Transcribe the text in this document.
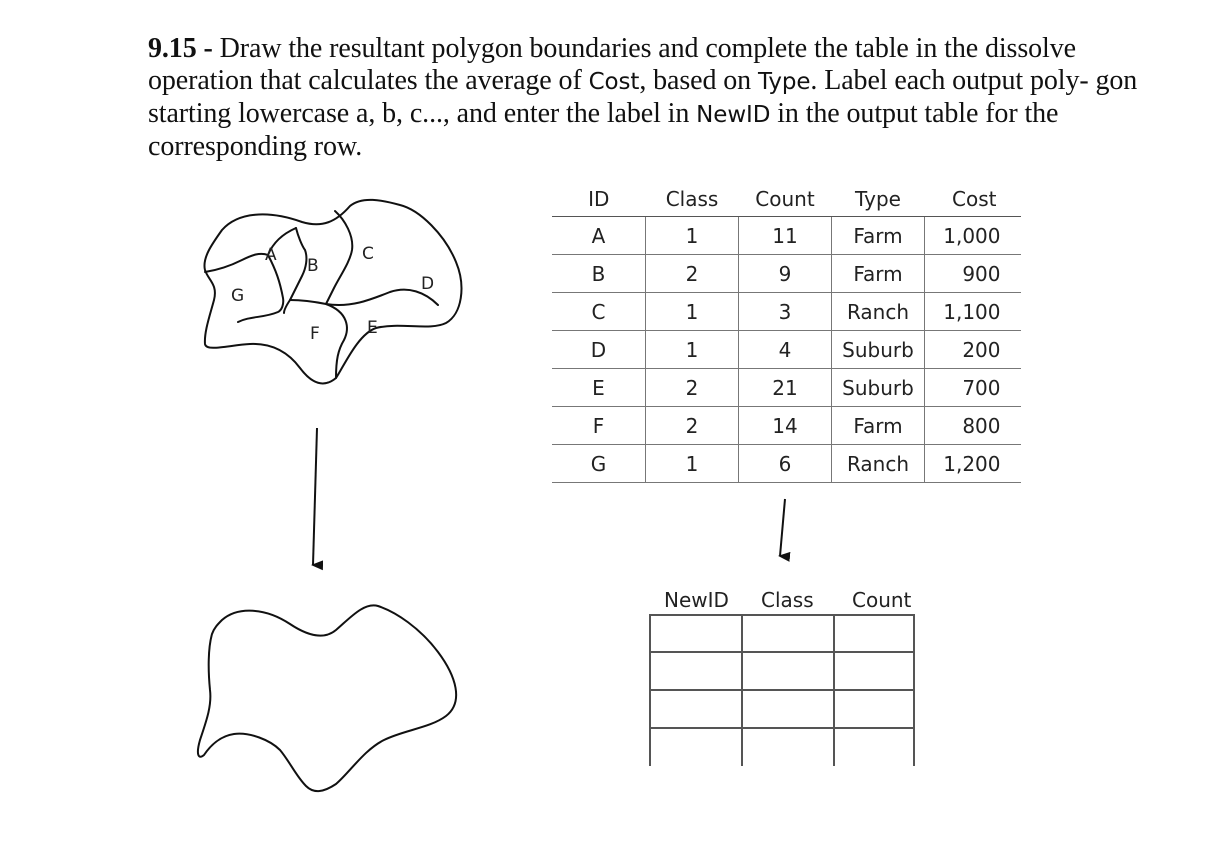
9.15 - Draw the resultant polygon boundaries and complete the table in the dissolve operation that calculates the average of Cost, based on Type. Label each output poly- gon starting lowercase a, b, c..., and enter the label in NewID in the output table for the corresponding row.
A
B
C
D
E
F
G
ID	Class	Count	Type	Cost
A	1	11	Farm	1,000
B	2	9	Farm	900
C	1	3	Ranch	1,100
D	1	4	Suburb	200
E	2	21	Suburb	700
F	2	14	Farm	800
G	1	6	Ranch	1,200
NewID Class Count
